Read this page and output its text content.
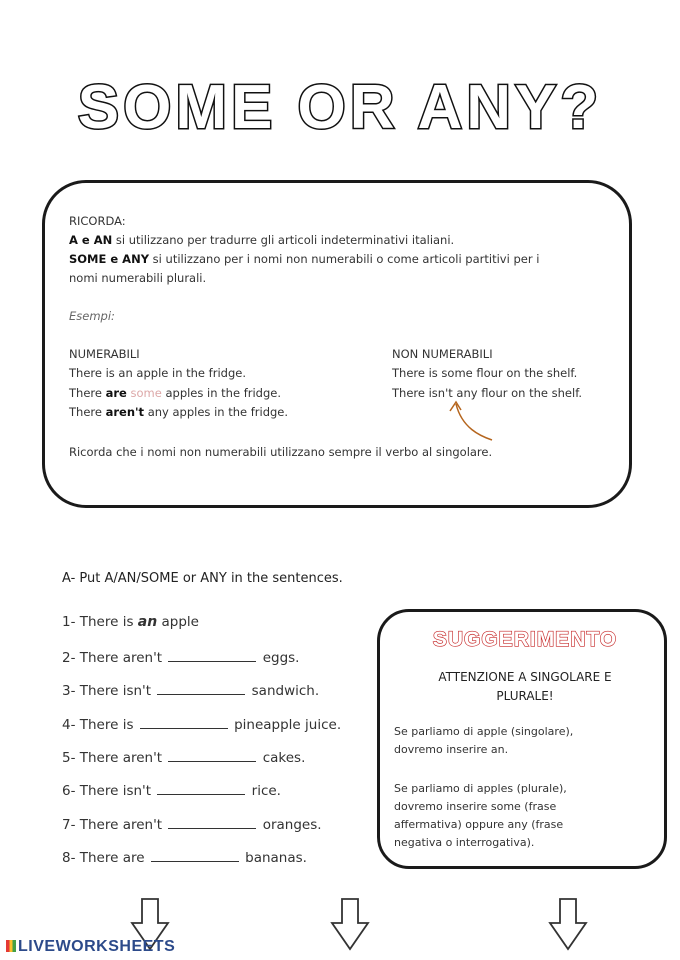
SOME OR ANY?
RICORDA:
A e AN si utilizzano per tradurre gli articoli indeterminativi italiani.
SOME e ANY si utilizzano per i nomi non numerabili o come articoli partitivi per i
nomi numerabili plurali.
Esempi:
NUMERABILI
There is an apple in the fridge.
There are some apples in the fridge.
There aren't any apples in the fridge.
NON NUMERABILI
There is some flour on the shelf.
There isn't any flour on the shelf.
Ricorda che i nomi non numerabili utilizzano sempre il verbo al singolare.
A- Put A/AN/SOME or ANY in the sentences.
1- There is an apple
2- There aren't	eggs.
3- There isn't	sandwich.
4- There is	pineapple juice.
5- There aren't	cakes.
6- There isn't	rice.
7- There aren't	oranges.
8- There are	bananas.
SUGGERIMENTO
ATTENZIONE A SINGOLARE E
PLURALE!
Se parliamo di apple (singolare),
dovremo inserire an.
Se parliamo di apples (plurale),
dovremo inserire some (frase
affermativa) oppure any (frase
negativa o interrogativa).
LIVEWORKSHEETS
